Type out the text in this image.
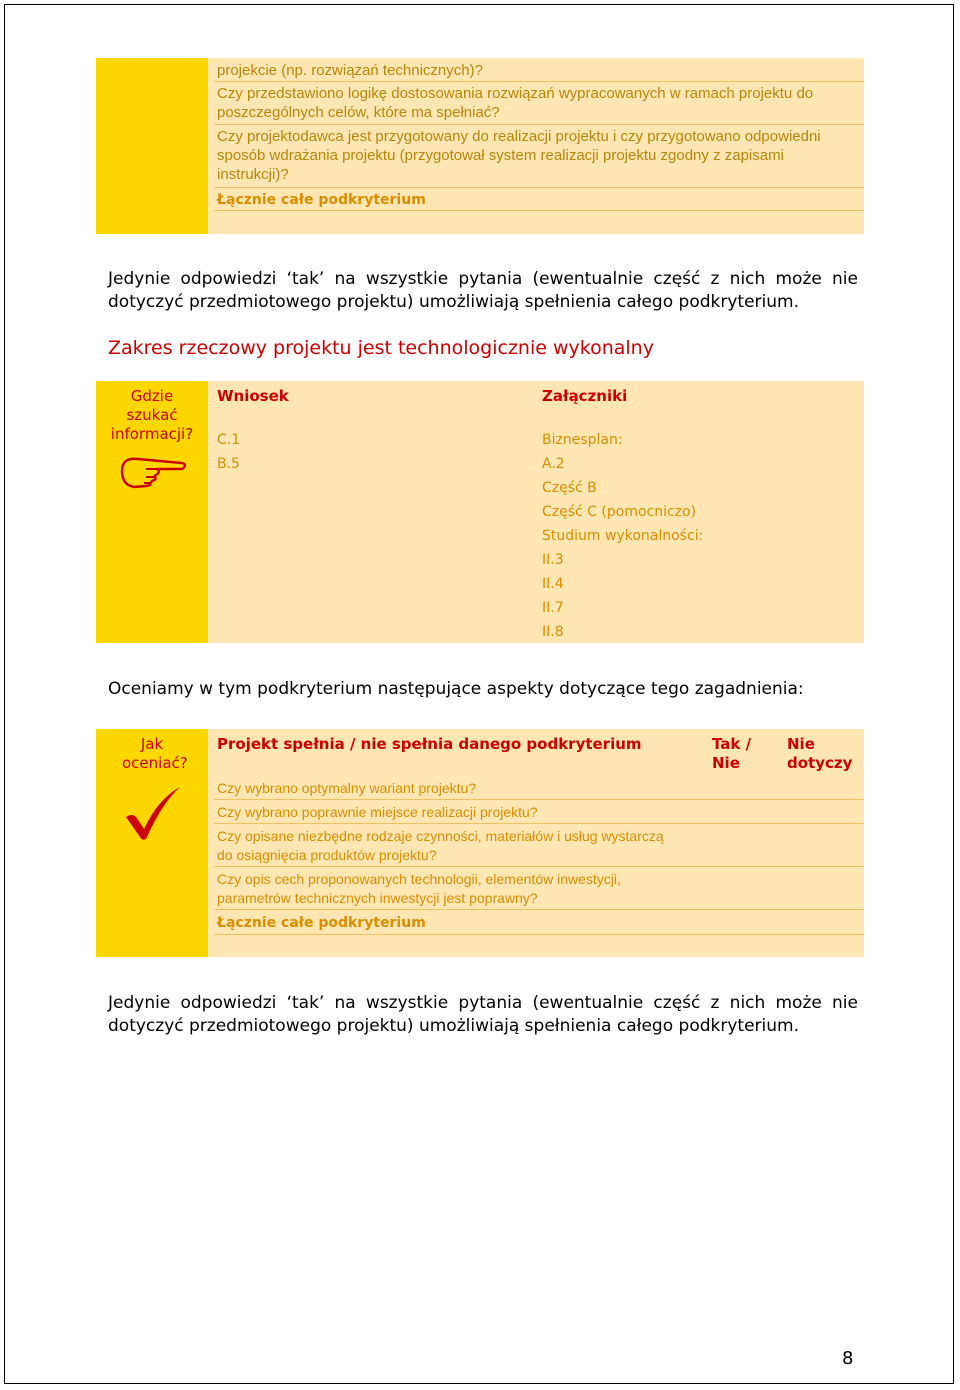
projekcie (np. rozwiązań technicznych)?
Czy przedstawiono logikę dostosowania rozwiązań wypracowanych w ramach projektu do poszczególnych celów, które ma spełniać?
Czy projektodawca jest przygotowany do realizacji projektu i czy przygotowano odpowiedni sposób wdrażania projektu (przygotował system realizacji projektu zgodny z zapisami instrukcji)?
Łącznie całe podkryterium
Jedynie odpowiedzi ‘tak’ na wszystkie pytania (ewentualnie część z nich może nie dotyczyć przedmiotowego projektu) umożliwiają spełnienia całego podkryterium.
Zakres rzeczowy projektu jest technologicznie wykonalny
Gdzie szukać informacji?
Wniosek
C.1
B.5
Załączniki
Biznesplan:
A.2
Część B
Część C (pomocniczo)
Studium wykonalności:
II.3
II.4
II.7
II.8
Oceniamy w tym podkryterium następujące aspekty dotyczące tego zagadnienia:
Jak oceniać?
Projekt spełnia / nie spełnia danego podkryterium	Tak / Nie
Nie dotyczy
Czy wybrano optymalny wariant projektu?
Czy wybrano poprawnie miejsce realizacji projektu?
Czy opisane niezbędne rodzaje czynności, materiałów i usług wystarczą do osiągnięcia produktów projektu?
Czy opis cech proponowanych technologii, elementów inwestycji, parametrów technicznych inwestycji jest poprawny?
Łącznie całe podkryterium
Jedynie odpowiedzi ‘tak’ na wszystkie pytania (ewentualnie część z nich może nie dotyczyć przedmiotowego projektu) umożliwiają spełnienia całego podkryterium.
8
